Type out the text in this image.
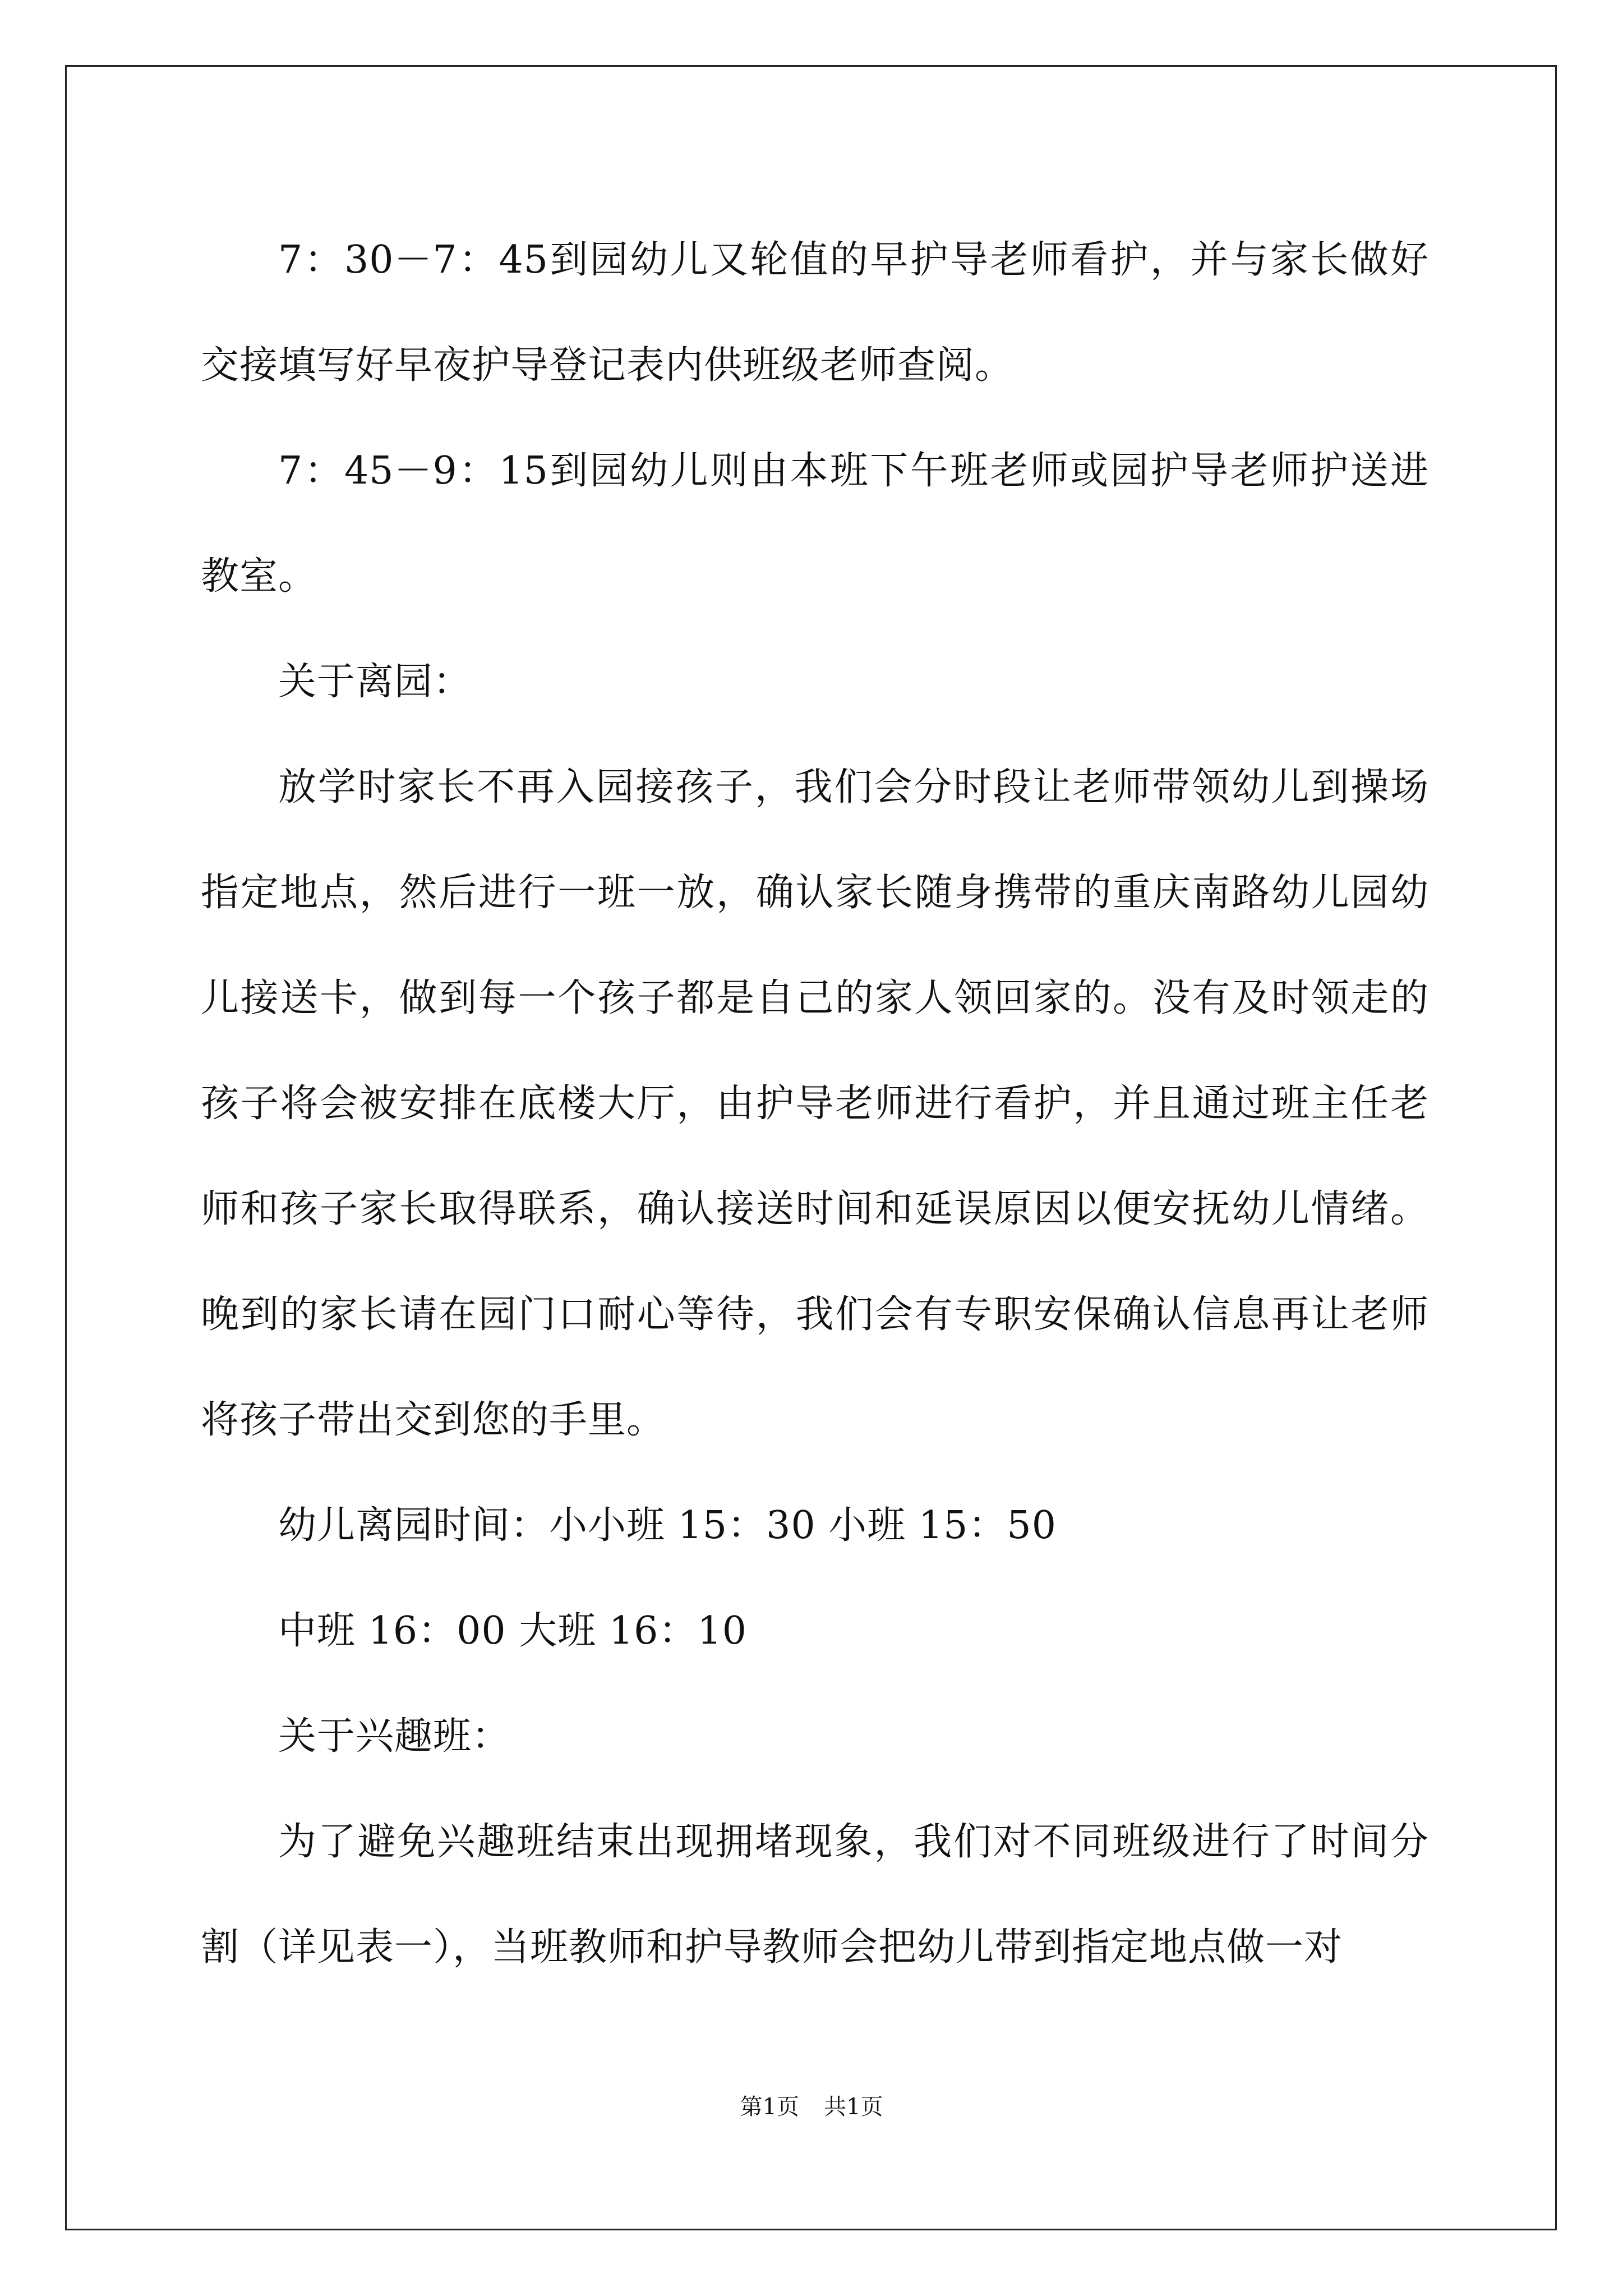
7：30－7：45到园幼儿又轮值的早护导老师看护，并与家长做好交接填写好早夜护导登记表内供班级老师查阅。

7：45－9：15到园幼儿则由本班下午班老师或园护导老师护送进教室。

关于离园：

放学时家长不再入园接孩子，我们会分时段让老师带领幼儿到操场指定地点，然后进行一班一放，确认家长随身携带的重庆南路幼儿园幼儿接送卡，做到每一个孩子都是自己的家人领回家的。没有及时领走的孩子将会被安排在底楼大厅，由护导老师进行看护，并且通过班主任老师和孩子家长取得联系，确认接送时间和延误原因以便安抚幼儿情绪。晚到的家长请在园门口耐心等待，我们会有专职安保确认信息再让老师将孩子带出交到您的手里。

幼儿离园时间：小小班 15：30 小班 15：50

中班 16：00 大班 16：10

关于兴趣班：

为了避免兴趣班结束出现拥堵现象，我们对不同班级进行了时间分割（详见表一），当班教师和护导教师会把幼儿带到指定地点做一对

第1页 共1页
